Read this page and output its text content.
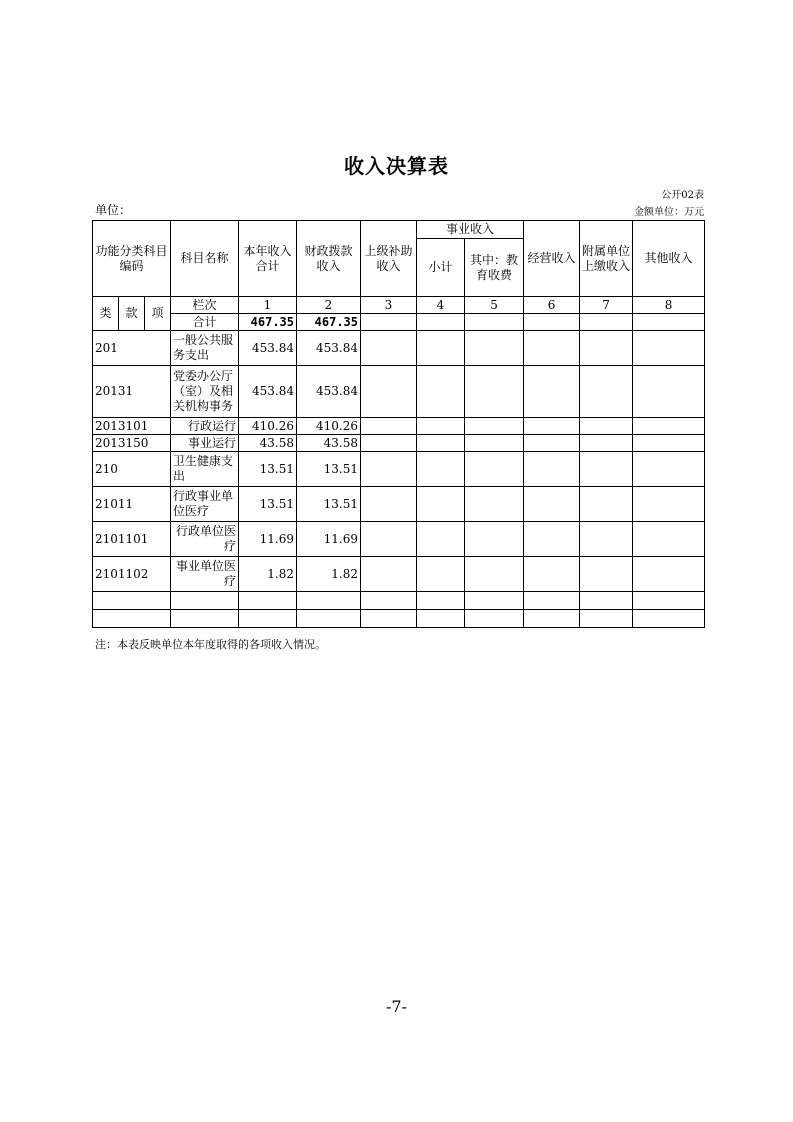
收入决算表
公开02表
单位：	金额单位：万元
功能分类科目编码			科目名称	本年收入合计	财政拨款收入	上级补助收入	事业收入		经营收入	附属单位上缴收入	其他收入
							小计	其中：教育收费			

类	款	项	栏次	1	2	3	4	5	6	7	8
			合计	467.35	467.35						
201			一般公共服务支出	453.84	453.84						
20131			党委办公厅（室）及相关机构事务	453.84	453.84						
2013101			行政运行	410.26	410.26						
2013150			事业运行	43.58	43.58						
210			卫生健康支出	13.51	13.51						
21011			行政事业单位医疗	13.51	13.51						
2101101			行政单位医疗	11.69	11.69						
2101102			事业单位医疗	1.82	1.82						

注：本表反映单位本年度取得的各项收入情况。
-7-
